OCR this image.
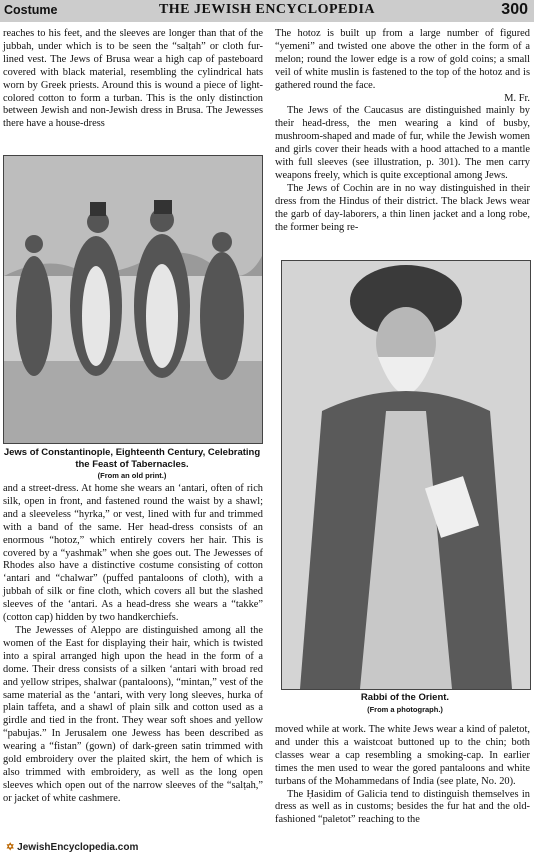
Costume	THE JEWISH ENCYCLOPEDIA	300

reaches to his feet, and the sleeves are longer than that of the jubbah, under which is to be seen the “salṭah” or cloth fur-lined vest. The Jews of Brusa wear a high cap of pasteboard covered with black material, resembling the cylindrical hats worn by Greek priests. Around this is wound a piece of light-colored cotton to form a turban. This is the only distinction between Jewish and non-Jewish dress in Brusa. The Jewesses there have a house-dress

Jews of Constantinople, Eighteenth Century, Celebrating the Feast of Tabernacles.
(From an old print.)

and a street-dress. At home she wears an ‘antari, often of rich silk, open in front, and fastened round the waist by a shawl; and a sleeveless “hyrka,” or vest, lined with fur and trimmed with a band of the same. Her head-dress consists of an enormous “hotoz,” which entirely covers her hair. This is covered by a “yashmak” when she goes out. The Jewesses of Rhodes also have a distinctive costume consisting of cotton ‘antari and “chalwar” (puffed pantaloons of cloth), with a jubbah of silk or fine cloth, which covers all but the slashed sleeves of the ‘antari. As a head-dress she wears a “takke” (cotton cap) hidden by two handkerchiefs.

The Jewesses of Aleppo are distinguished among all the women of the East for displaying their hair, which is twisted into a spiral arranged high upon the head in the form of a dome. Their dress consists of a silken ‘antari with broad red and yellow stripes, shalwar (pantaloons), “mintan,” vest of the same material as the ‘antari, with very long sleeves, hurka of plain taffeta, and a shawl of plain silk and cotton used as a girdle and tied in the front. They wear soft shoes and yellow “pabujas.” In Jerusalem one Jewess has been described as wearing a “fistan” (gown) of dark-green satin trimmed with gold embroidery over the plaited skirt, the hem of which is also trimmed with embroidery, as well as the long open sleeves which open out of the narrow sleeves of the “salṭah,” or jacket of white cashmere.

The hotoz is built up from a large number of figured “yemeni” and twisted one above the other in the form of a melon; round the lower edge is a row of gold coins; a small veil of white muslin is fastened to the top of the hotoz and is gathered round the face.

M. Fr.

The Jews of the Caucasus are distinguished mainly by their head-dress, the men wearing a kind of busby, mushroom-shaped and made of fur, while the Jewish women and girls cover their heads with a hood attached to a mantle with full sleeves (see illustration, p. 301). The men carry weapons freely, which is quite exceptional among Jews.

The Jews of Cochin are in no way distinguished in their dress from the Hindus of their district. The black Jews wear the garb of day-laborers, a thin linen jacket and a long robe, the former being re-

Rabbi of the Orient.
(From a photograph.)

moved while at work. The white Jews wear a kind of paletot, and under this a waistcoat buttoned up to the chin; both classes wear a cap resembling a smoking-cap. In earlier times the men used to wear the gored pantaloons and white turbans of the Mohammedans of India (see plate, No. 20).

The Ḥasidim of Galicia tend to distinguish themselves in dress as well as in customs; besides the fur hat and the old-fashioned “paletot” reaching to the

✡ JewishEncyclopedia.com
